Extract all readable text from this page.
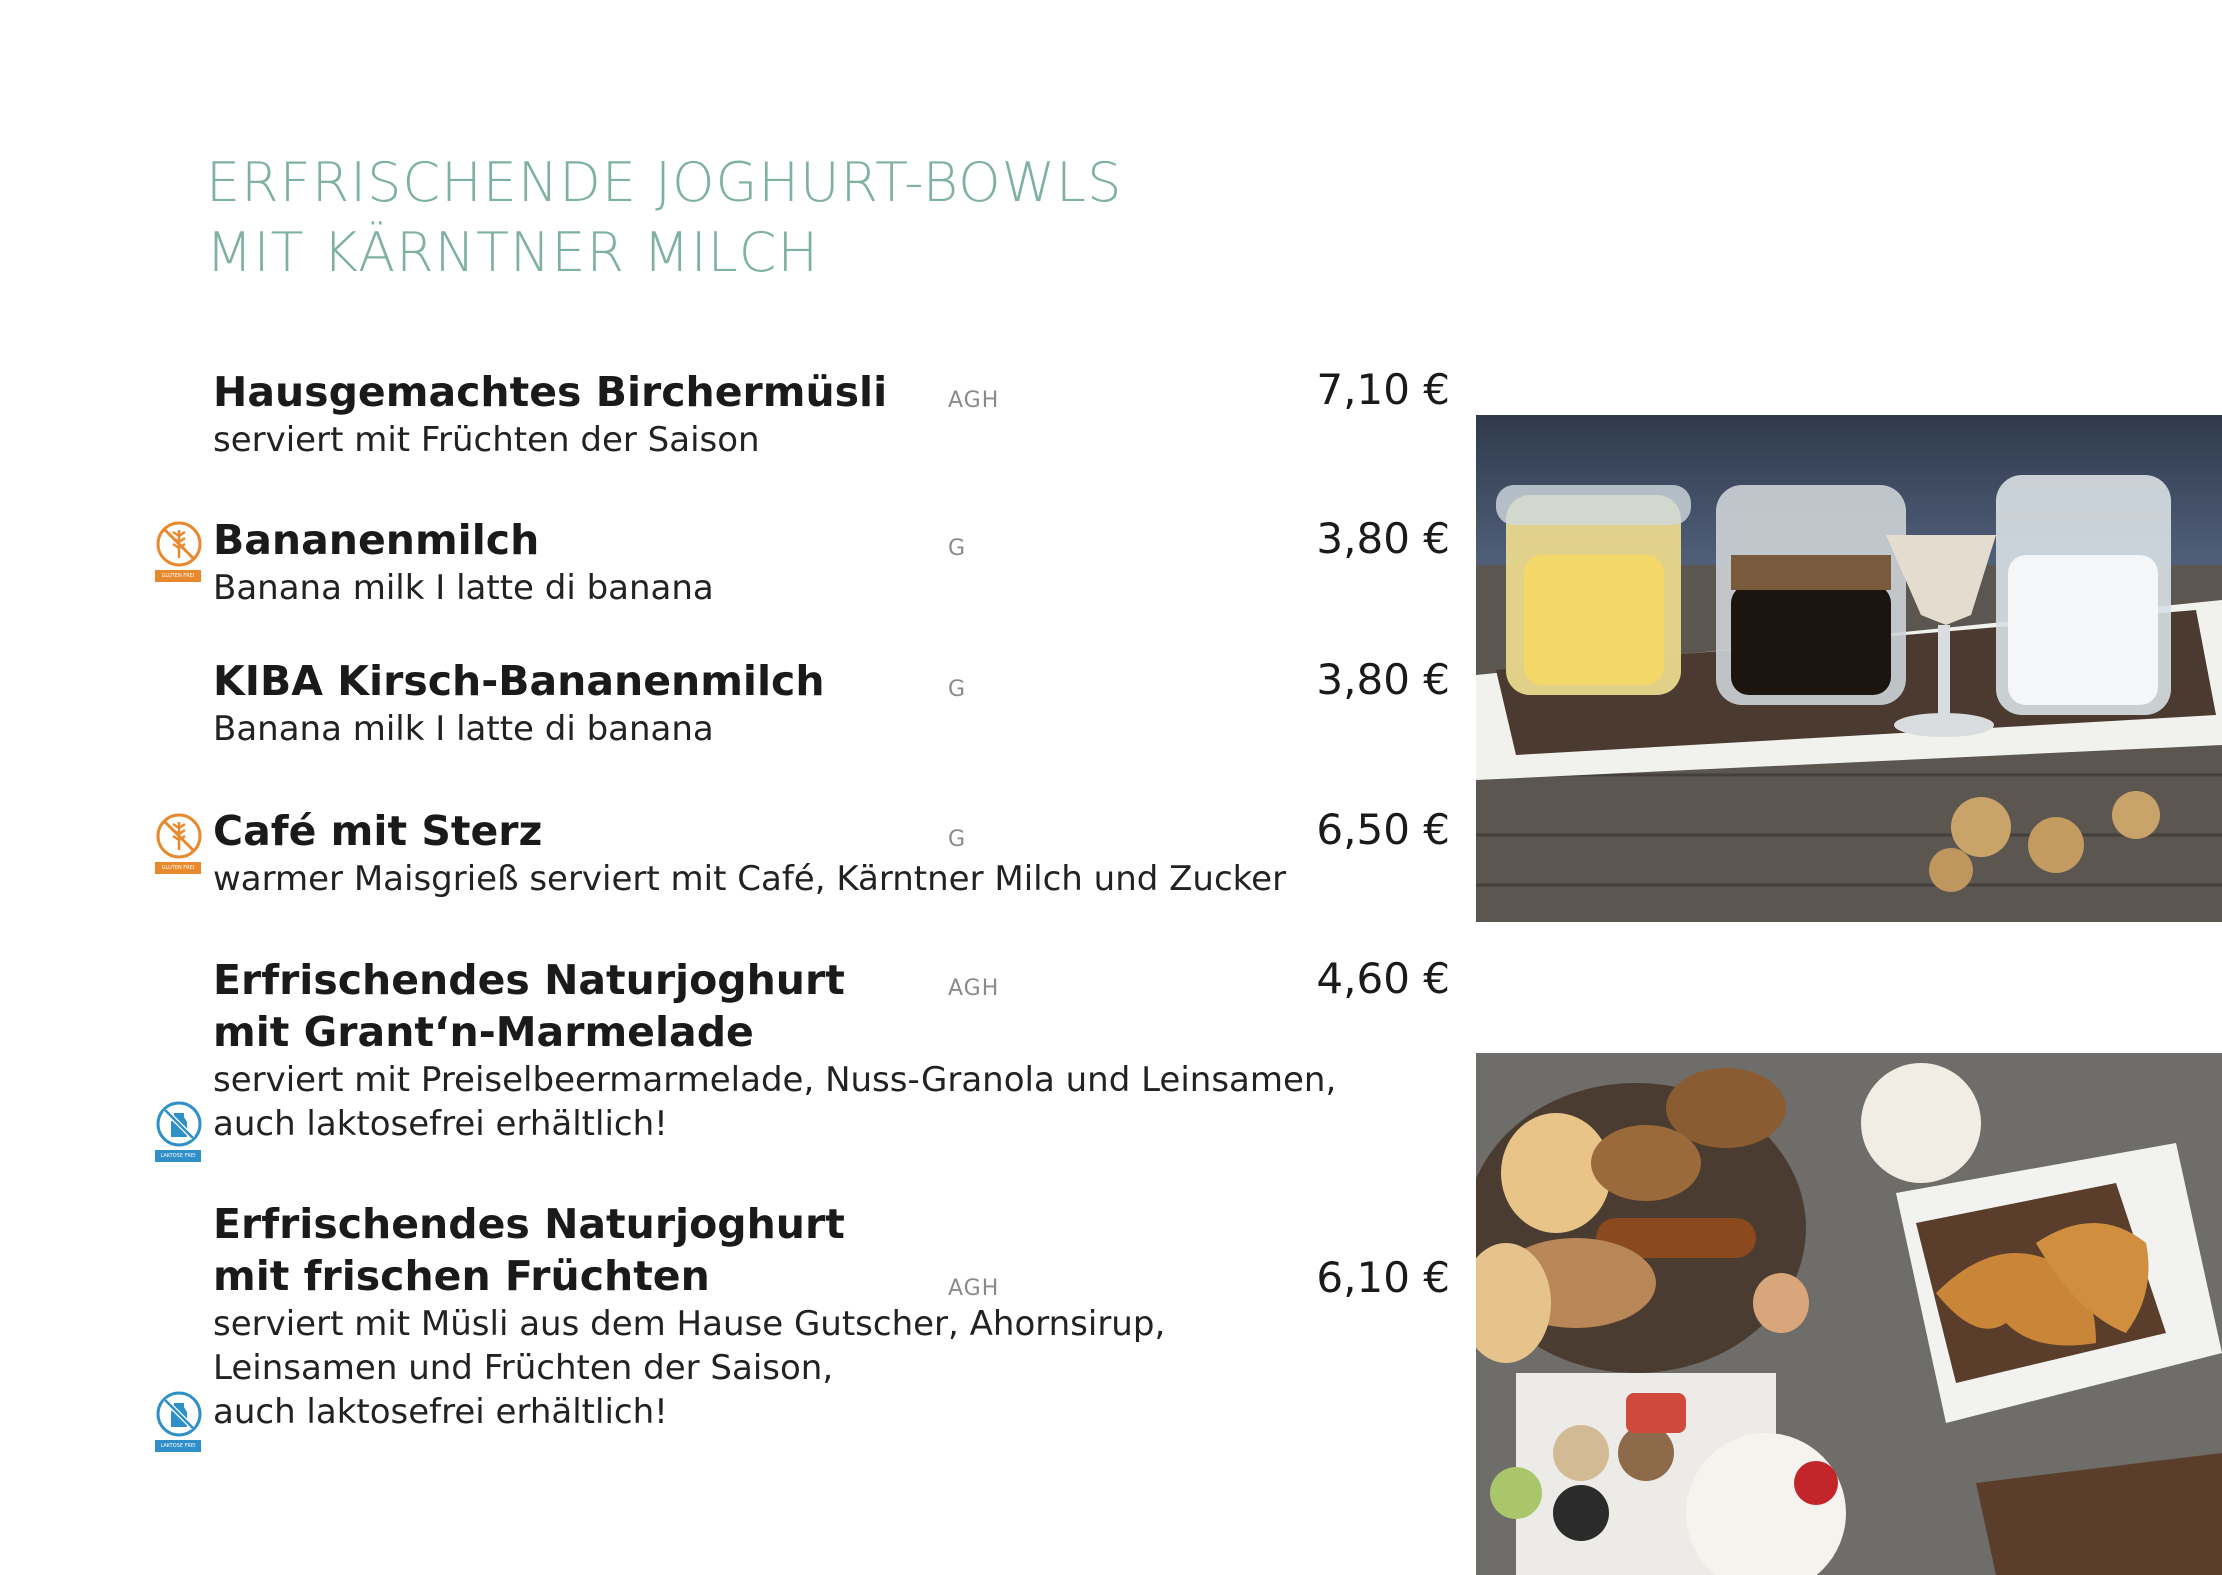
ERFRISCHENDE JOGHURT-BOWLS
MIT KÄRNTNER MILCH
Hausgemachtes Birchermüsli
serviert mit Früchten der Saison
AGH	7,10 €
GLUTEN FREI
Bananenmilch
Banana milk I latte di banana
G	3,80 €
KIBA Kirsch-Bananenmilch
Banana milk I latte di banana
G	3,80 €
GLUTEN FREI
Café mit Sterz
warmer Maisgrieß serviert mit Café, Kärntner Milch und Zucker
G	6,50 €
Erfrischendes Naturjoghurt
mit Grant‘n-Marmelade
serviert mit Preiselbeermarmelade, Nuss-Granola und Leinsamen,
auch laktosefrei erhältlich!
LAKTOSE FREI
AGH	4,60 €
Erfrischendes Naturjoghurt
mit frischen Früchten
serviert mit Müsli aus dem Hause Gutscher, Ahornsirup,
Leinsamen und Früchten der Saison,
auch laktosefrei erhältlich!
LAKTOSE FREI
AGH	6,10 €
